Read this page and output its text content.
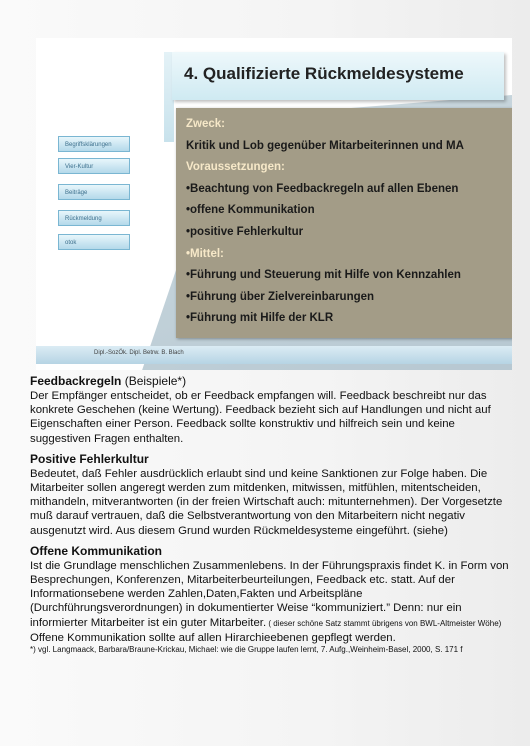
4. Qualifizierte Rückmeldesysteme
Zweck:
Kritik und Lob gegenüber Mitarbeiterinnen und MA
Voraussetzungen:
•Beachtung von Feedbackregeln auf allen Ebenen
•offene Kommunikation
•positive Fehlerkultur
•Mittel:
•Führung und Steuerung mit Hilfe von Kennzahlen
•Führung über Zielvereinbarungen
•Führung mit Hilfe der KLR
Begriffsklärungen
Vier-Kultur
Beiträge
Rückmeldung
otok
Dipl.-SozÖk. Dipl. Betrw. B. Blach
Feedbackregeln (Beispiele*)

Der Empfänger entscheidet, ob er Feedback empfangen will. Feedback beschreibt nur das konkrete Geschehen (keine Wertung). Feedback bezieht sich auf Handlungen und nicht auf Eigenschaften einer Person. Feedback sollte konstruktiv und hilfreich sein und keine suggestiven Fragen enthalten.

Positive Fehlerkultur

Bedeutet, daß Fehler ausdrücklich erlaubt sind und keine Sanktionen zur Folge haben. Die Mitarbeiter sollen angeregt werden zum mitdenken, mitwissen, mitfühlen, mitentscheiden, mithandeln, mitverantworten (in der freien Wirtschaft auch: mitunternehmen). Der Vorgesetzte muß darauf vertrauen, daß die Selbstverantwortung von den Mitarbeitern nicht negativ ausgenutzt wird. Aus diesem Grund wurden Rückmeldesysteme eingeführt. (siehe)

Offene Kommunikation

Ist die Grundlage menschlichen Zusammenlebens. In der Führungspraxis findet K. in Form von Besprechungen, Konferenzen, Mitarbeiterbeurteilungen, Feedback etc. statt. Auf der Informationsebene werden Zahlen,Daten,Fakten und Arbeitspläne (Durchführungsverordnungen) in dokumentierter Weise “kommuniziert.” Denn: nur ein informierter Mitarbeiter ist ein guter Mitarbeiter. ( dieser schöne Satz stammt übrigens von BWL-Altmeister Wöhe) Offene Kommunikation sollte auf allen Hirarchieebenen gepflegt werden.

*) vgl. Langmaack, Barbara/Braune-Krickau, Michael: wie die Gruppe laufen lernt, 7. Aufg.,Weinheim-Basel, 2000, S. 171 f
